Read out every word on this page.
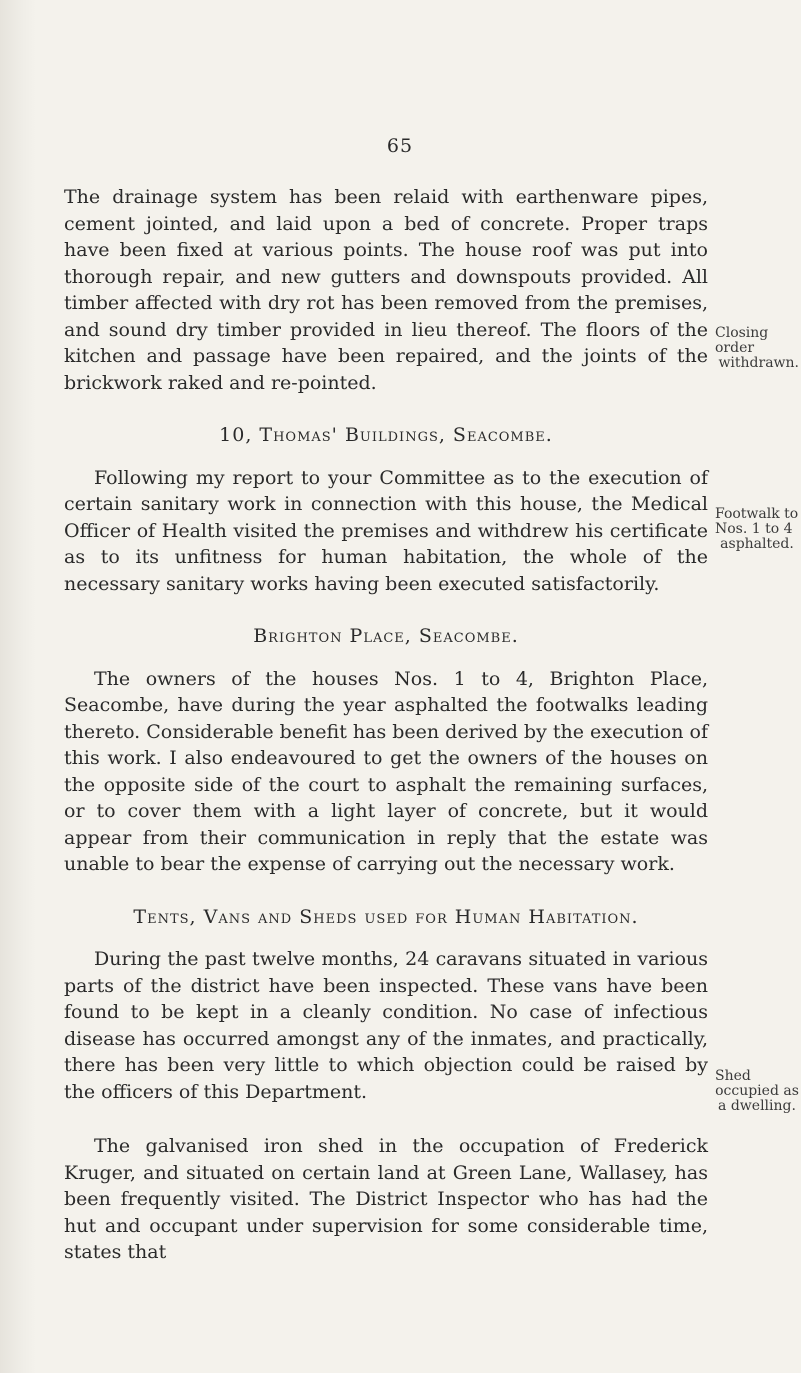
65

The drainage system has been relaid with earthenware pipes, cement jointed, and laid upon a bed of concrete. Proper traps have been fixed at various points. The house roof was put into thorough repair, and new gutters and downspouts provided. All timber affected with dry rot has been removed from the premises, and sound dry timber provided in lieu thereof. The floors of the kitchen and passage have been repaired, and the joints of the brickwork raked and re-pointed.

10, Thomas' Buildings, Seacombe.

Following my report to your Committee as to the execution of certain sanitary work in connection with this house, the Medical Officer of Health visited the premises and withdrew his certificate as to its unfitness for human habitation, the whole of the necessary sanitary works having been executed satisfactorily.

Brighton Place, Seacombe.

The owners of the houses Nos. 1 to 4, Brighton Place, Seacombe, have during the year asphalted the footwalks leading thereto. Considerable benefit has been derived by the execution of this work. I also endeavoured to get the owners of the houses on the opposite side of the court to asphalt the remaining surfaces, or to cover them with a light layer of concrete, but it would appear from their communication in reply that the estate was unable to bear the expense of carrying out the necessary work.

Tents, Vans and Sheds used for Human Habitation.

During the past twelve months, 24 caravans situated in various parts of the district have been inspected. These vans have been found to be kept in a cleanly condition. No case of infectious disease has occurred amongst any of the inmates, and practically, there has been very little to which objection could be raised by the officers of this Department.

The galvanised iron shed in the occupation of Frederick Kruger, and situated on certain land at Green Lane, Wallasey, has been frequently visited. The District Inspector who has had the hut and occupant under supervision for some considerable time, states that

Closing
order
withdrawn.
Footwalk to
Nos. 1 to 4
asphalted.
Shed
occupied as
a dwelling.
